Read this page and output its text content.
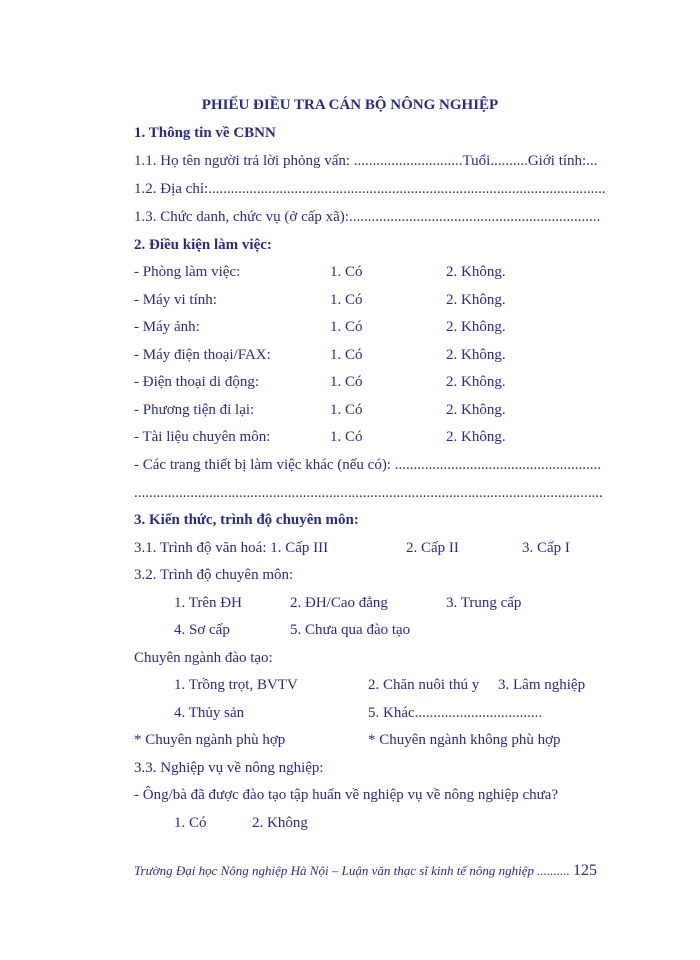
PHIẾU ĐIỀU TRA CÁN BỘ NÔNG NGHIỆP
1. Thông tin về CBNN
1.1. Họ tên người trả lời phỏng vấn: .............................Tuổi..........Giới tính:...
1.2. Địa chỉ:..........................................................................................................
1.3. Chức danh, chức vụ (ở cấp xã):...................................................................
2. Điều kiện làm việc:
- Phòng làm việc:	1. Có	2. Không.
- Máy vi tính:	1. Có	2. Không.
- Máy ảnh:	1. Có	2. Không.
- Máy điện thoại/FAX:	1. Có	2. Không.
- Điện thoại di động:	1. Có	2. Không.
- Phương tiện đi lại:	1. Có	2. Không.
- Tài liệu chuyên môn:	1. Có	2. Không.
- Các trang thiết bị làm việc khác (nếu có): .......................................................
.............................................................................................................................
3. Kiến thức, trình độ chuyên môn:
3.1. Trình độ văn hoá: 1. Cấp III	2. Cấp II	3. Cấp I
3.2. Trình độ chuyên môn:
1. Trên ĐH	2. ĐH/Cao đẳng	3. Trung cấp
4. Sơ cấp	5. Chưa qua đào tạo
Chuyên ngành đào tạo:
1. Trồng trọt, BVTV	2. Chăn nuôi thú y 3. Lâm nghiệp
4. Thủy sản	5. Khác..................................
* Chuyên ngành phù hợp	* Chuyên ngành không phù hợp
3.3. Nghiệp vụ về nông nghiệp:
- Ông/bà đã được đào tạo tập huấn về nghiệp vụ về nông nghiệp chưa?
1. Có	2. Không
Trường Đại học Nông nghiệp Hà Nội – Luận văn thạc sĩ kinh tế nông nghiệp .......... 125
